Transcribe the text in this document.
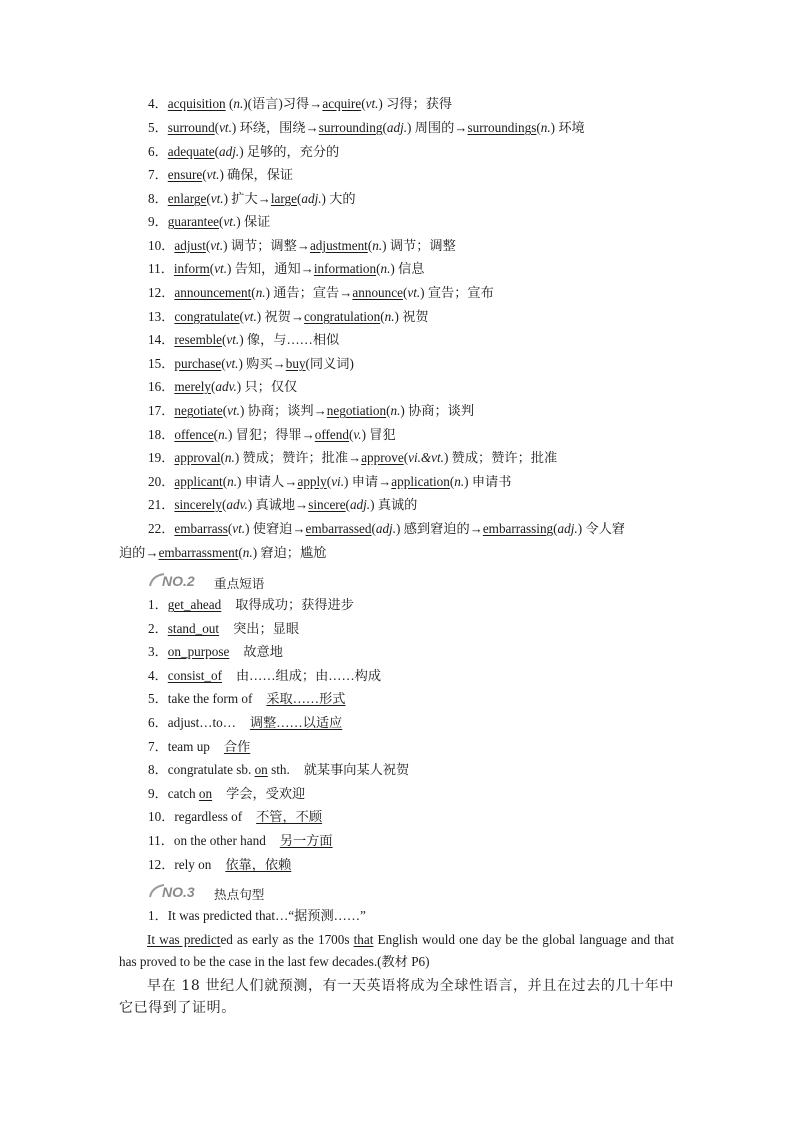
4．acquisition (n.)(语言)习得→acquire(vt.) 习得；获得
5．surround(vt.) 环绕，围绕→surrounding(adj.) 周围的→surroundings(n.) 环境
6．adequate(adj.) 足够的，充分的
7．ensure(vt.) 确保，保证
8．enlarge(vt.) 扩大→large(adj.) 大的
9．guarantee(vt.) 保证
10．adjust(vt.) 调节；调整→adjustment(n.) 调节；调整
11．inform(vt.) 告知，通知→information(n.) 信息
12．announcement(n.) 通告；宣告→announce(vt.) 宣告；宣布
13．congratulate(vt.) 祝贺→congratulation(n.) 祝贺
14．resemble(vt.) 像，与……相似
15．purchase(vt.) 购买→buy(同义词)
16．merely(adv.) 只；仅仅
17．negotiate(vt.) 协商；谈判→negotiation(n.) 协商；谈判
18．offence(n.) 冒犯；得罪→offend(v.) 冒犯
19．approval(n.) 赞成；赞许；批准→approve(vi.&vt.) 赞成；赞许；批准
20．applicant(n.) 申请人→apply(vi.) 申请→application(n.) 申请书
21．sincerely(adv.) 真诚地→sincere(adj.) 真诚的
22．embarrass(vt.) 使窘迫→embarrassed(adj.) 感到窘迫的→embarrassing(adj.) 令人窘
迫的→embarrassment(n.) 窘迫；尴尬
NO.2 重点短语
1．get_ahead 取得成功；获得进步
2．stand_out 突出；显眼
3．on_purpose 故意地
4．consist_of 由……组成；由……构成
5．take the form of 采取……形式
6．adjust…to… 调整……以适应
7．team up 合作
8．congratulate sb. on sth. 就某事向某人祝贺
9．catch on 学会，受欢迎
10．regardless of 不管，不顾
11．on the other hand 另一方面
12．rely on 依靠，依赖
NO.3 热点句型
1．It was predicted that…“据预测……”
It was predicted as early as the 1700s that English would one day be the global language and that has proved to be the case in the last few decades.(教材 P6)
早在 18 世纪人们就预测，有一天英语将成为全球性语言，并且在过去的几十年中它已得到了证明。
